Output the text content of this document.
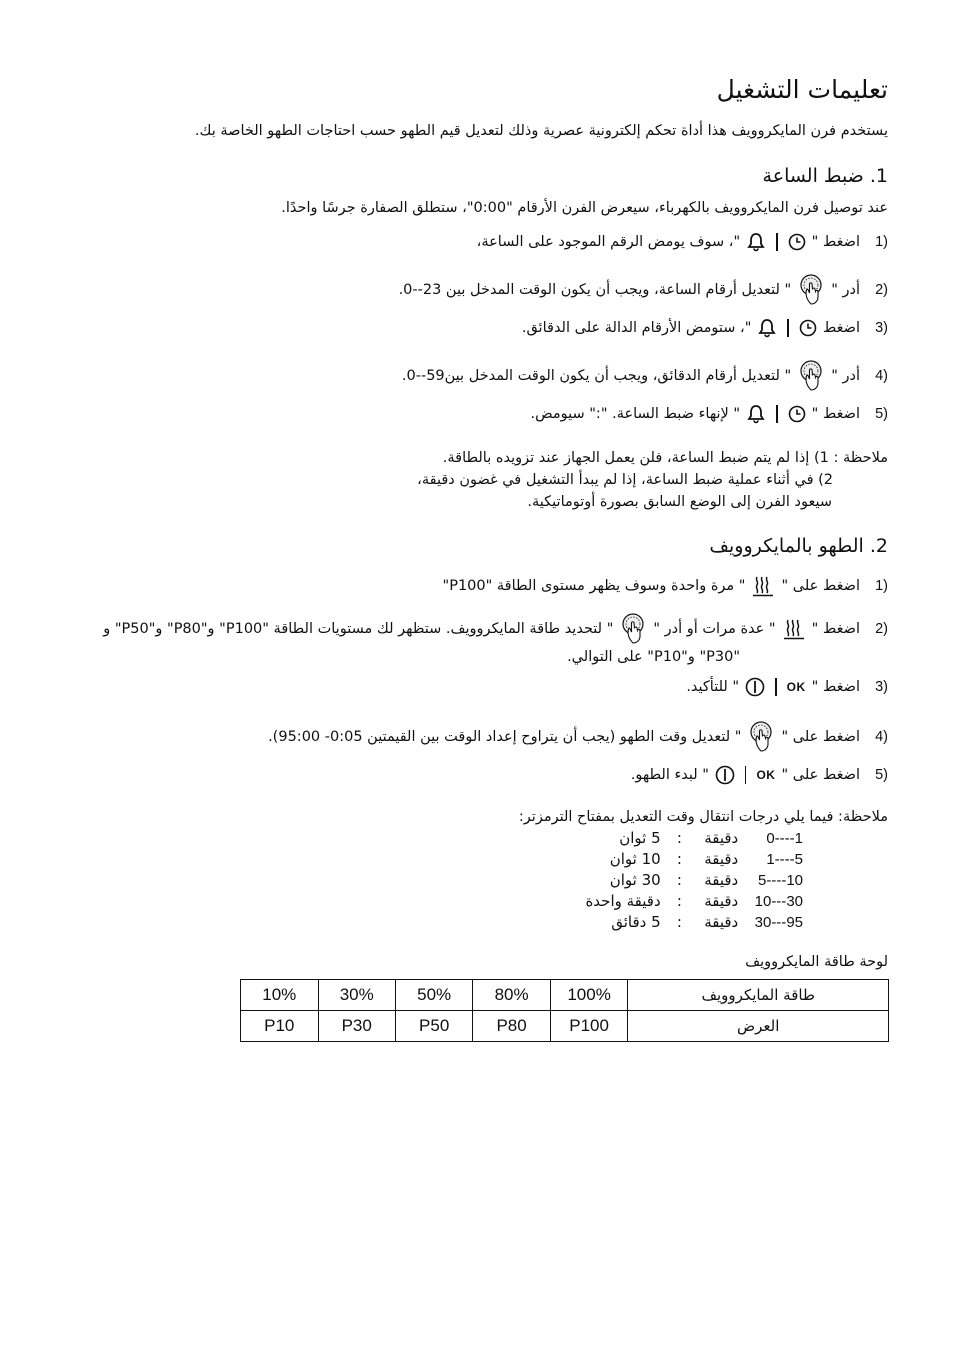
تعليمات التشغيل
يستخدم فرن المايكروويف هذا أداة تحكم إلكترونية عصرية وذلك لتعديل قيم الطهو حسب احتاجات الطهو الخاصة بك.
1. ضبط الساعة
عند توصيل فرن المايكروويف بالكهرباء، سيعرض الفرن الأرقام "0:00"، ستطلق الصفارة جرسًا واحدًا.
(1
اضغط "
"، سوف يومض الرقم الموجود على الساعة،
(2
أدر "
" لتعديل أرقام الساعة، ويجب أن يكون الوقت المدخل بين 23--0.
(3
اضغط
"، ستومض الأرقام الدالة على الدقائق.
(4
أدر "
" لتعديل أرقام الدقائق، ويجب أن يكون الوقت المدخل بين59--0.
(5
اضغط "
" لإنهاء ضبط الساعة. ":" سيومض.
ملاحظة : 1) إذا لم يتم ضبط الساعة، فلن يعمل الجهاز عند تزويده بالطاقة.
2) في أثناء عملية ضبط الساعة، إذا لم يبدأ التشغيل في غضون دقيقة،
سيعود الفرن إلى الوضع السابق بصورة أوتوماتيكية.
2. الطهو بالمايكروويف
(1
اضغط على "
" مرة واحدة وسوف يظهر مستوى الطاقة "P100"
(2
اضغط "
" عدة مرات أو أدر "
" لتحديد طاقة المايكروويف. ستظهر لك مستويات الطاقة "P100" و"P80" و"P50" و
"P30" و"P10" على التوالي.
(3
اضغط "
OK
" للتأكيد.
(4
اضغط على "
" لتعديل وقت الطهو (يجب أن يتراوح إعداد الوقت بين القيمتين 0:05- 95:00).
(5
اضغط على "
OK
" لبدء الطهو.
ملاحظة: فيما يلي درجات انتقال وقت التعديل بمفتاح الترمزتر:
1----0 دقيقة : 5 ثوان
5----1 دقيقة : 10 ثوان
10----5 دقيقة : 30 ثوان
30---10 دقيقة : دقيقة واحدة
95---30 دقيقة : 5 دقائق
لوحة طاقة المايكروويف
طاقة المايكروويف	100%	80%	50%	30%	10%
العرض	P100	P80	P50	P30	P10
